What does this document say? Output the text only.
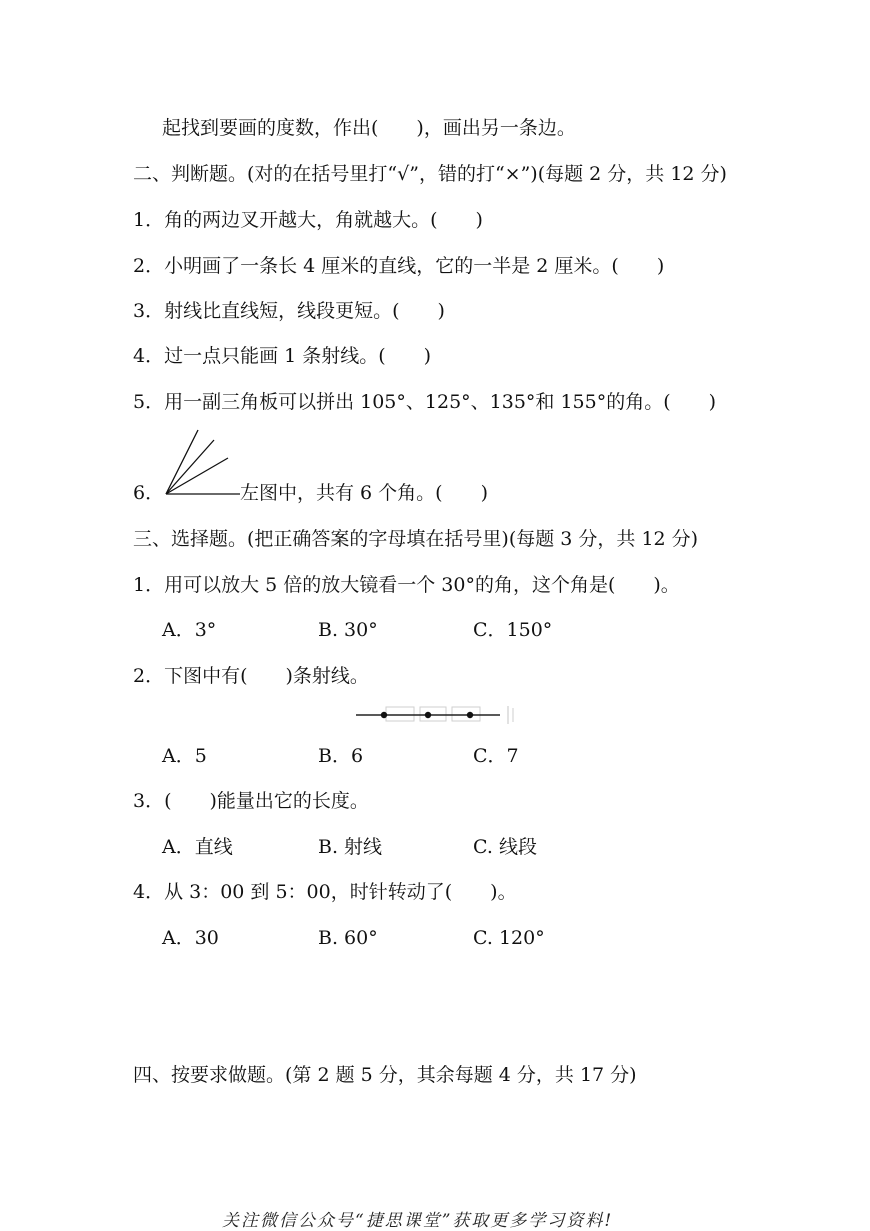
起找到要画的度数，作出(　　)，画出另一条边。
二、判断题。(对的在括号里打“√”，错的打“×”)(每题 2 分，共 12 分)
1．角的两边叉开越大，角就越大。(　　)
2．小明画了一条长 4 厘米的直线，它的一半是 2 厘米。(　　)
3．射线比直线短，线段更短。(　　)
4．过一点只能画 1 条射线。(　　)
5．用一副三角板可以拼出 105°、125°、135°和 155°的角。(　　)
6．	左图中，共有 6 个角。(　　)
三、选择题。(把正确答案的字母填在括号里)(每题 3 分，共 12 分)
1．用可以放大 5 倍的放大镜看一个 30°的角，这个角是(　　)。
A．3°	B. 30°	C．150°
2．下图中有(　　)条射线。
A．5	B．6	C．7
3．(　　)能量出它的长度。
A．直线	B. 射线	C. 线段
4．从 3：00 到 5：00，时针转动了(　　)。
A．30	B. 60°	C. 120°
四、按要求做题。(第 2 题 5 分，其余每题 4 分，共 17 分)
关注微信公众号“捷思课堂”获取更多学习资料!
